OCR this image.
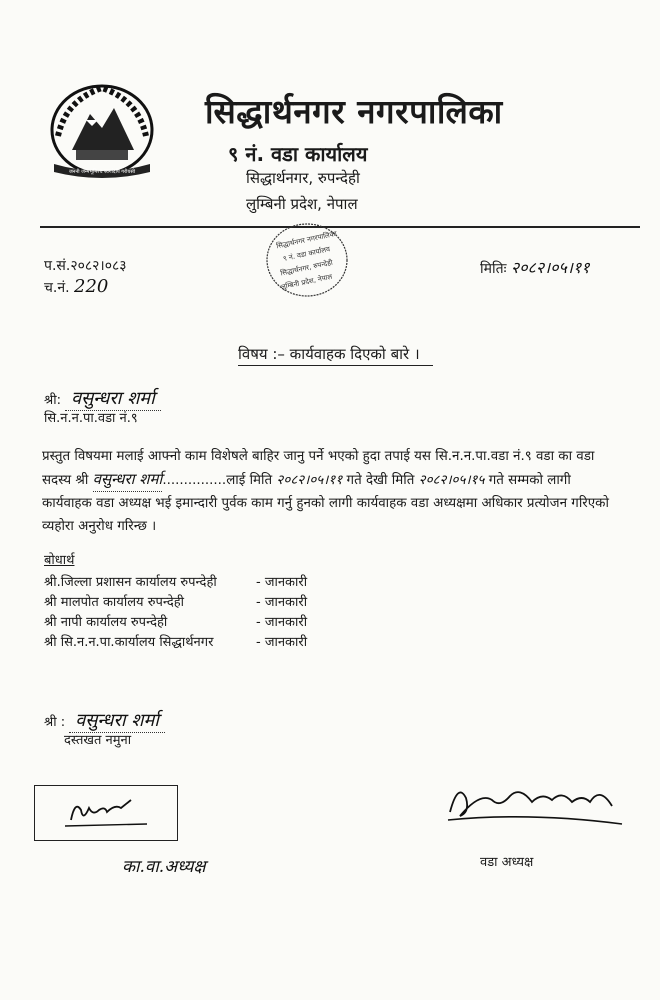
जननी जन्मभूमिश्च स्वर्गादपि गरीयसी
सिद्धार्थनगर नगरपालिका
९ नं. वडा कार्यालय
सिद्धार्थनगर, रुपन्देही
लुम्बिनी प्रदेश, नेपाल
सिद्धार्थनगर नगरपालिका
९ नं. वडा कार्यालय
सिद्धार्थनगर, रुपन्देही
लुम्बिनी प्रदेश, नेपाल
प.सं.२०८२।०८३
च.नं. 220
मितिः २०८२।०५।११
विषय :– कार्यवाहक दिएको बारे ।
श्री: वसुन्धरा शर्मा
सि.न.न.पा.वडा नं.९
प्रस्तुत विषयमा मलाई आफ्नो काम विशेषले बाहिर जानु पर्ने भएको हुदा तपाई यस सि.न.न.पा.वडा नं.९ वडा का वडा सदस्य श्री वसुन्धरा शर्मा...............लाई मिति २०८२।०५।११ गते देखी मिति २०८२।०५।१५ गते सम्मको लागी कार्यवाहक वडा अध्यक्ष भई इमान्दारी पुर्वक काम गर्नु हुनको लागी कार्यवाहक वडा अध्यक्षमा अधिकार प्रत्योजन गरिएको व्यहोरा अनुरोध गरिन्छ ।
बोधार्थ
श्री.जिल्ला प्रशासन कार्यालय रुपन्देही	- जानकारी
श्री मालपोत कार्यालय रुपन्देही	- जानकारी
श्री नापी कार्यालय रुपन्देही	- जानकारी
श्री सि.न.न.पा.कार्यालय सिद्धार्थनगर	- जानकारी
श्री : वसुन्धरा शर्मा
दस्तखत नमुना
का.वा.अध्यक्ष	वडा अध्यक्ष
